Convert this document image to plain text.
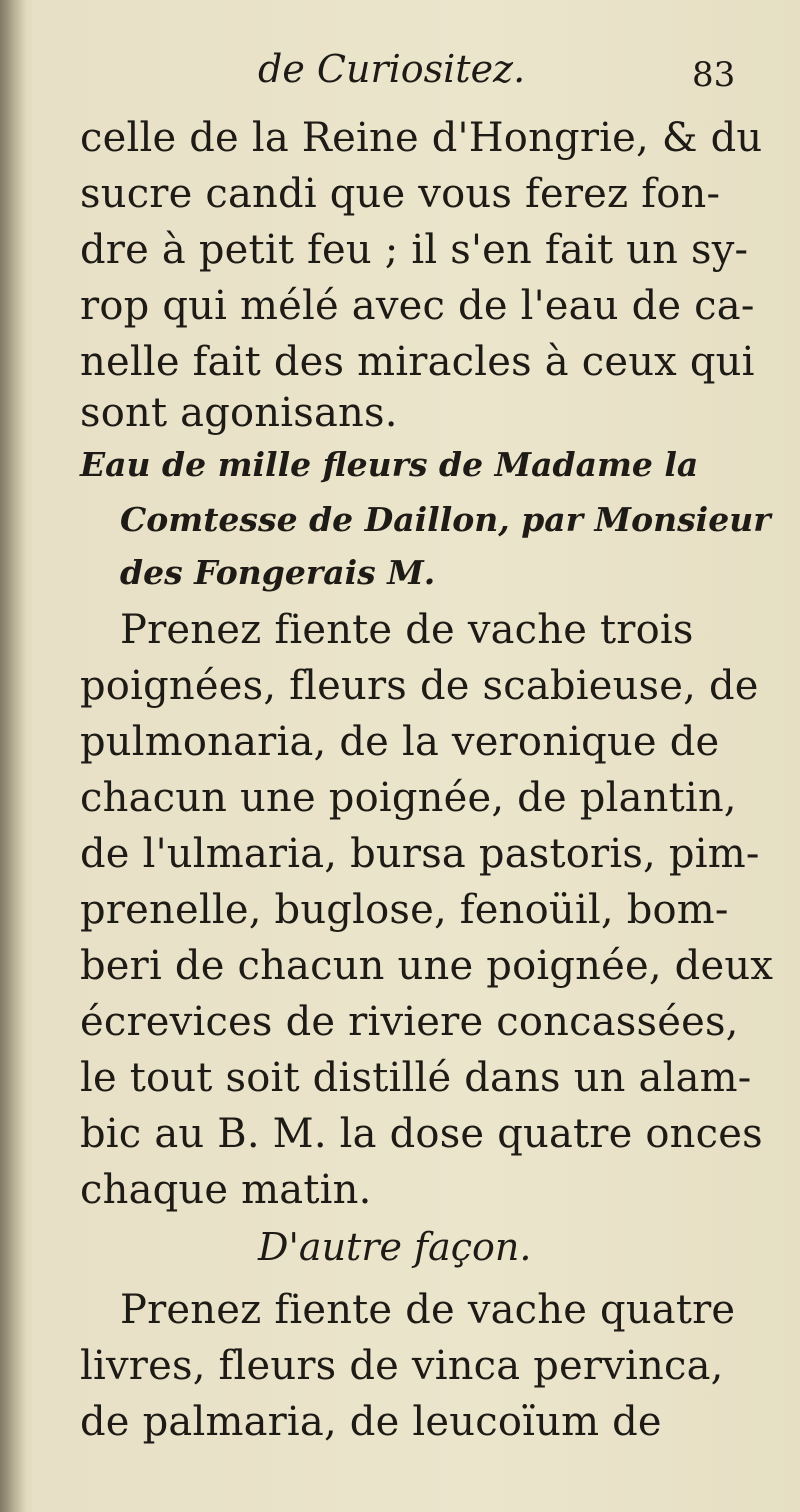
de Curiositez.	83
celle de la Reine d'Hongrie, & du
sucre candi que vous ferez fon-
dre à petit feu ; il s'en fait un sy-
rop qui mélé avec de l'eau de ca-
nelle fait des miracles à ceux qui
sont agonisans.
Eau de mille fleurs de Madame la
Comtesse de Daillon, par Monsieur
des Fongerais M.
Prenez fiente de vache trois
poignées, fleurs de scabieuse, de
pulmonaria, de la veronique de
chacun une poignée, de plantin,
de l'ulmaria, bursa pastoris, pim-
prenelle, buglose, fenoüil, bom-
beri de chacun une poignée, deux
écrevices de riviere concassées,
le tout soit distillé dans un alam-
bic au B. M. la dose quatre onces
chaque matin.
D'autre façon.
Prenez fiente de vache quatre
livres, fleurs de vinca pervinca,
de palmaria, de leucoïum de
